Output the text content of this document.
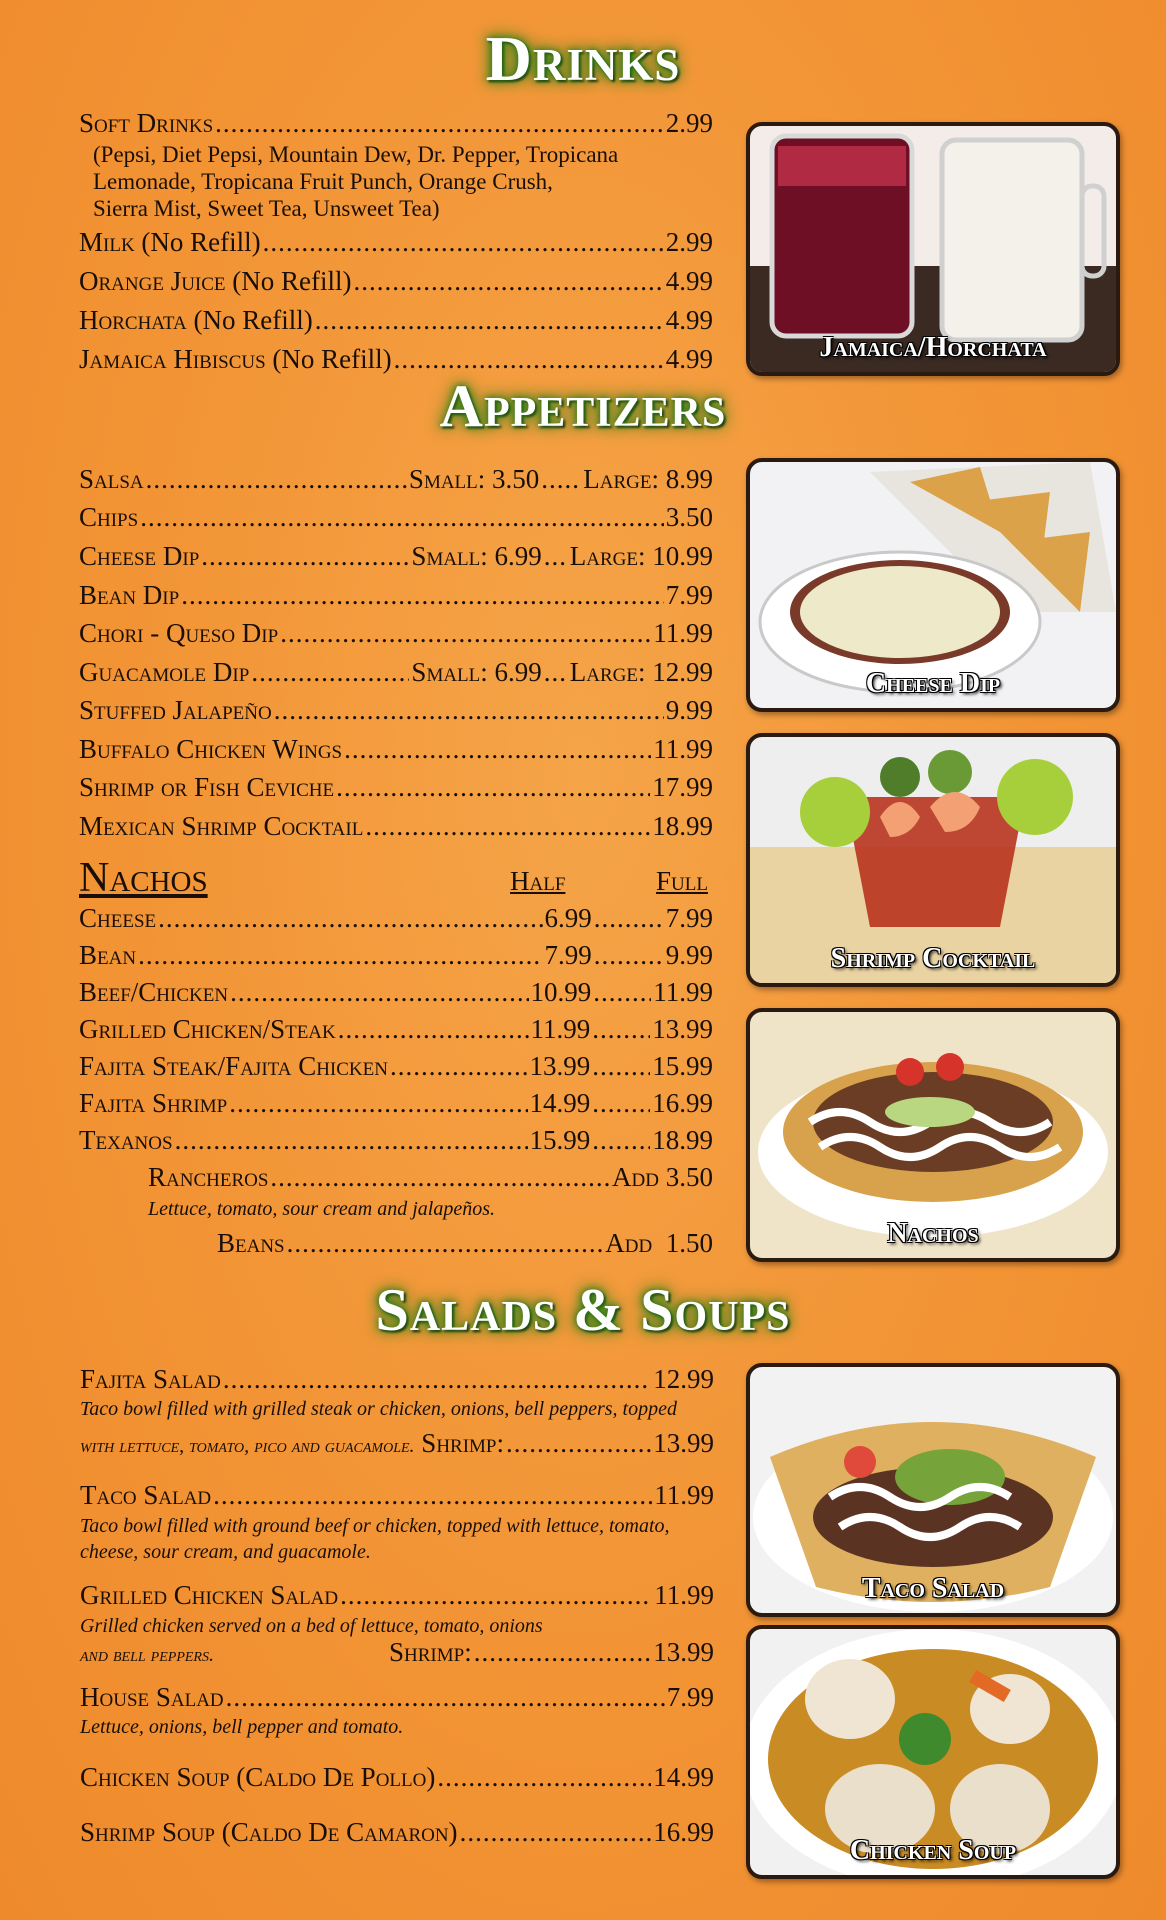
Drinks
Soft Drinks .....	2.99
(Pepsi, Diet Pepsi, Mountain Dew, Dr. Pepper, Tropicana
Lemonade, Tropicana Fruit Punch, Orange Crush,
Sierra Mist, Sweet Tea, Unsweet Tea)
Milk
(No Refill) .....	2.99
Orange Juice
(No Refill) .....	4.99
Horchata
(No Refill) .....	4.99
Jamaica Hibiscus
(No Refill) .....	4.99
Appetizers
Salsa .....	Small: 3.50 ..... Large: 8.99
Chips .....	3.50
Cheese Dip .....	Small: 6.99 ..... Large: 10.99
Bean Dip .....	7.99
Chori - Queso Dip .....	11.99
Guacamole Dip .....	Small: 6.99 ..... Large: 12.99
Stuffed Jalapeño .....	9.99
Buffalo Chicken Wings .....	11.99
Shrimp or Fish Ceviche .....	17.99
Mexican Shrimp Cocktail .....	18.99
Nachos	Half	Full
Cheese .....	6.99 .....	7.99
Bean .....	7.99 .....	9.99
Beef/Chicken .....	10.99 ..... 11.99
Grilled Chicken/Steak .....	11.99 ..... 13.99
Fajita Steak/Fajita Chicken .....	13.99 ..... 15.99
Fajita Shrimp .....	14.99 ..... 16.99
Texanos .....	15.99 ..... 18.99
Rancheros .....	Add 3.50
Lettuce, tomato, sour cream and jalapeños.
Beans .....	Add  1.50
Salads & Soups
Fajita Salad .....	12.99
Taco bowl filled with grilled steak or chicken, onions, bell peppers, topped
with lettuce, tomato, pico and guacamole.
Shrimp: .....	13.99
Taco Salad .....	11.99
Taco bowl filled with ground beef or chicken, topped with lettuce, tomato,
cheese, sour cream, and guacamole.
Grilled Chicken Salad .....	11.99
Grilled chicken served on a bed of lettuce, tomato, onions
and bell peppers.	Shrimp: .....	13.99
House Salad .....	7.99
Lettuce, onions, bell pepper and tomato.
Chicken Soup (Caldo De Pollo) .....	14.99
Shrimp Soup (Caldo De Camaron) .....	16.99
Jamaica/Horchata
Cheese Dip
Shrimp Cocktail
Nachos
Taco Salad
Chicken Soup
